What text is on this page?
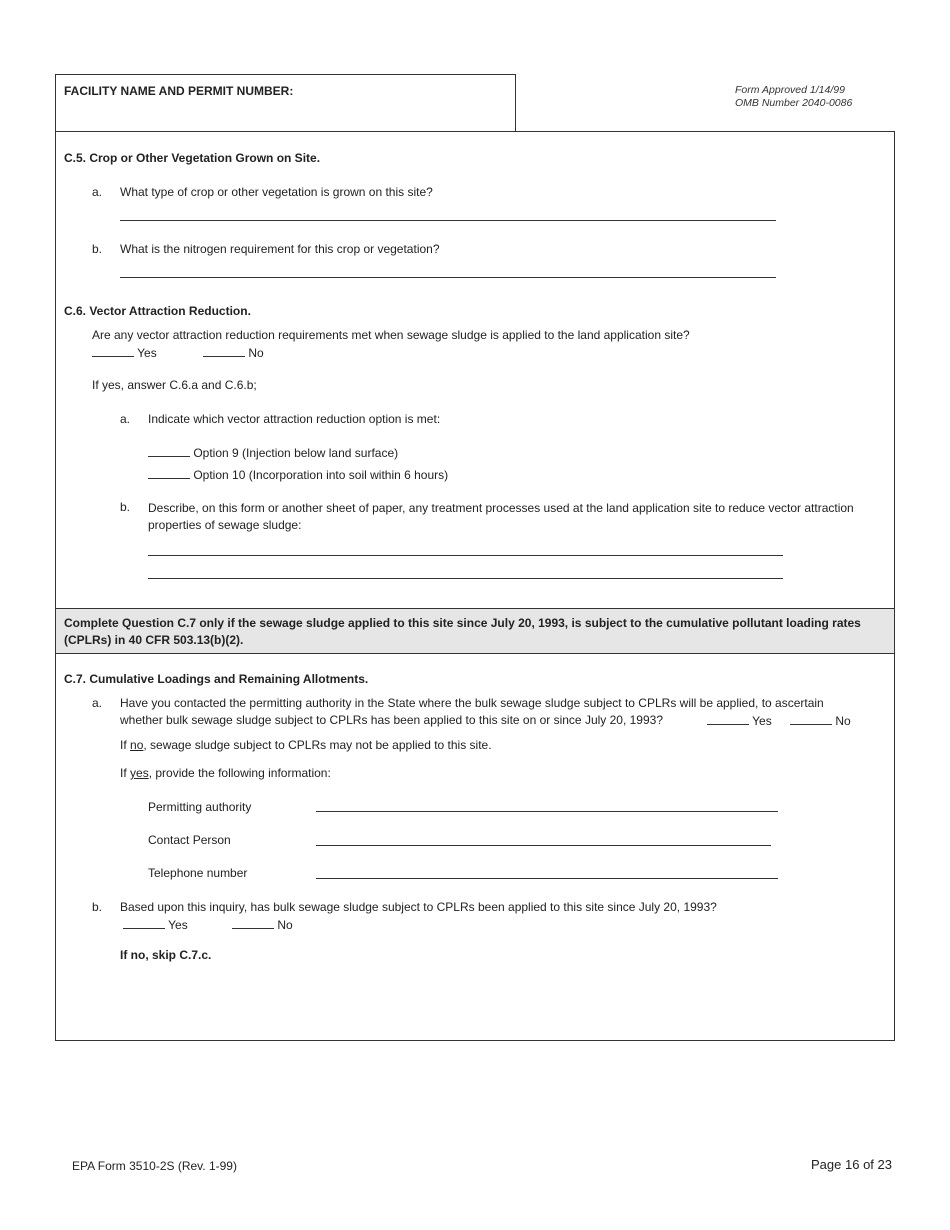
FACILITY NAME AND PERMIT NUMBER:	Form Approved 1/14/99
OMB Number 2040-0086
C.5. Crop or Other Vegetation Grown on Site.
a. What type of crop or other vegetation is grown on this site?
b. What is the nitrogen requirement for this crop or vegetation?
C.6. Vector Attraction Reduction.
Are any vector attraction reduction requirements met when sewage sludge is applied to the land application site?
Yes	No
If yes, answer C.6.a and C.6.b;
a. Indicate which vector attraction reduction option is met:
Option 9 (Injection below land surface)
Option 10 (Incorporation into soil within 6 hours)
b. Describe, on this form or another sheet of paper, any treatment processes used at the land application site to reduce vector attraction properties of sewage sludge:
Complete Question C.7 only if the sewage sludge applied to this site since July 20, 1993, is subject to the cumulative pollutant loading rates (CPLRs) in 40 CFR 503.13(b)(2).
C.7. Cumulative Loadings and Remaining Allotments.
a. Have you contacted the permitting authority in the State where the bulk sewage sludge subject to CPLRs will be applied, to ascertain
whether bulk sewage sludge subject to CPLRs has been applied to this site on or since July 20, 1993?	Yes	No
If no, sewage sludge subject to CPLRs may not be applied to this site.
If yes, provide the following information:
Permitting authority
Contact Person
Telephone number
b. Based upon this inquiry, has bulk sewage sludge subject to CPLRs been applied to this site since July 20, 1993?
Yes	No
If no, skip C.7.c.
EPA Form 3510-2S (Rev. 1-99)	Page 16 of 23
